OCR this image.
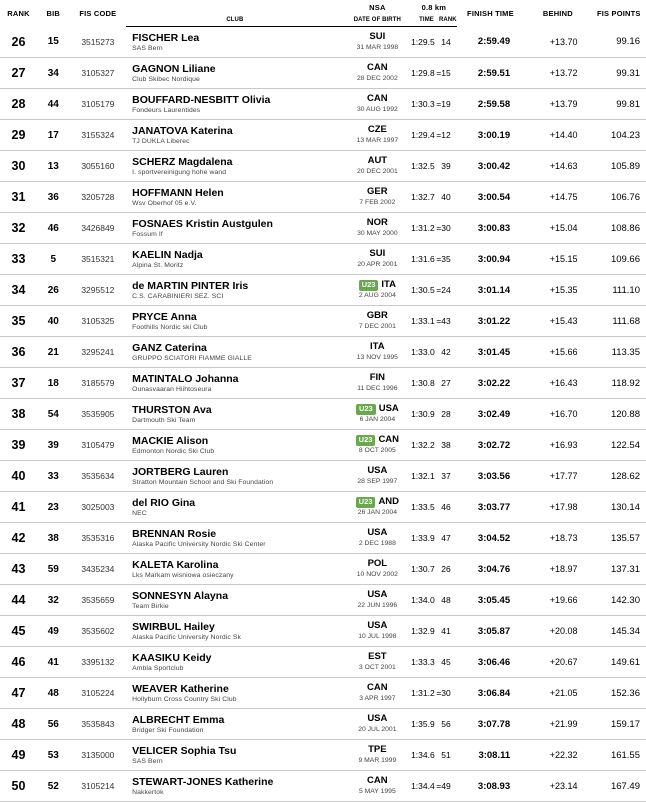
RANK	BIB	FIS CODE		NSA	0.8 km		FINISH TIME	BEHIND	FIS POINTS
			CLUB	DATE OF BIRTH	TIME	RANK			
26	15	3515273	FISCHER Lea
SAS Bern	SUI
31 MAR 1998	1:29.5	14	2:59.49	+13.70	99.16
27	34	3105327	GAGNON Liliane
Club Skibec Nordique	CAN
28 DEC 2002	1:29.8	=15	2:59.51	+13.72	99.31
28	44	3105179	BOUFFARD-NESBITT Olivia
Fondeurs Laurentides	CAN
30 AUG 1992	1:30.3	=19	2:59.58	+13.79	99.81
29	17	3155324	JANATOVA Katerina
TJ DUKLA Liberec	CZE
13 MAR 1997	1:29.4	=12	3:00.19	+14.40	104.23
30	13	3055160	SCHERZ Magdalena
I. sportvereinigung hohe wand	AUT
20 DEC 2001	1:32.5	39	3:00.42	+14.63	105.89
31	36	3205728	HOFFMANN Helen
Wsv Oberhof 05 e.V.	GER
7 FEB 2002	1:32.7	40	3:00.54	+14.75	106.76
32	46	3426849	FOSNAES Kristin Austgulen
Fossum If	NOR
30 MAY 2000	1:31.2	=30	3:00.83	+15.04	108.86
33	5	3515321	KAELIN Nadja
Alpina St. Moritz	SUI
20 APR 2001	1:31.6	=35	3:00.94	+15.15	109.66
34	26	3295512	de MARTIN PINTER Iris
C.S. CARABINIERI SEZ. SCI	U23 ITA
2 AUG 2004	1:30.5	=24	3:01.14	+15.35	111.10
35	40	3105325	PRYCE Anna
Foothills Nordic ski Club	GBR
7 DEC 2001	1:33.1	=43	3:01.22	+15.43	111.68
36	21	3295241	GANZ Caterina
GRUPPO SCIATORI FIAMME GIALLE	ITA
13 NOV 1995	1:33.0	42	3:01.45	+15.66	113.35
37	18	3185579	MATINTALO Johanna
Ounasvaaran Hiihtoseura	FIN
11 DEC 1996	1:30.8	27	3:02.22	+16.43	118.92
38	54	3535905	THURSTON Ava
Dartmouth Ski Team	U23 USA
6 JAN 2004	1:30.9	28	3:02.49	+16.70	120.88
39	39	3105479	MACKIE Alison
Edmonton Nordic Ski Club	U23 CAN
8 OCT 2005	1:32.2	38	3:02.72	+16.93	122.54
40	33	3535634	JORTBERG Lauren
Stratton Mountain School and Ski Foundation	USA
28 SEP 1997	1:32.1	37	3:03.56	+17.77	128.62
41	23	3025003	del RIO Gina
NEC	U23 AND
26 JAN 2004	1:33.5	46	3:03.77	+17.98	130.14
42	38	3535316	BRENNAN Rosie
Alaska Pacific University Nordic Ski Center	USA
2 DEC 1988	1:33.9	47	3:04.52	+18.73	135.57
43	59	3435234	KALETA Karolina
Lks Markam wisniowa osieczany	POL
10 NOV 2002	1:30.7	26	3:04.76	+18.97	137.31
44	32	3535659	SONNESYN Alayna
Team Birkie	USA
22 JUN 1996	1:34.0	48	3:05.45	+19.66	142.30
45	49	3535602	SWIRBUL Hailey
Alaska Pacific University Nordic Sk	USA
10 JUL 1998	1:32.9	41	3:05.87	+20.08	145.34
46	41	3395132	KAASIKU Keidy
Ambla Sportclub	EST
3 OCT 2001	1:33.3	45	3:06.46	+20.67	149.61
47	48	3105224	WEAVER Katherine
Hollyburn Cross Country Ski Club	CAN
3 APR 1997	1:31.2	=30	3:06.84	+21.05	152.36
48	56	3535843	ALBRECHT Emma
Bridger Ski Foundation	USA
20 JUL 2001	1:35.9	56	3:07.78	+21.99	159.17
49	53	3135000	VELICER Sophia Tsu
SAS Bern	TPE
9 MAR 1999	1:34.6	51	3:08.11	+22.32	161.55
50	52	3105214	STEWART-JONES Katherine
Nakkertok	CAN
5 MAY 1995	1:34.4	=49	3:08.93	+23.14	167.49
